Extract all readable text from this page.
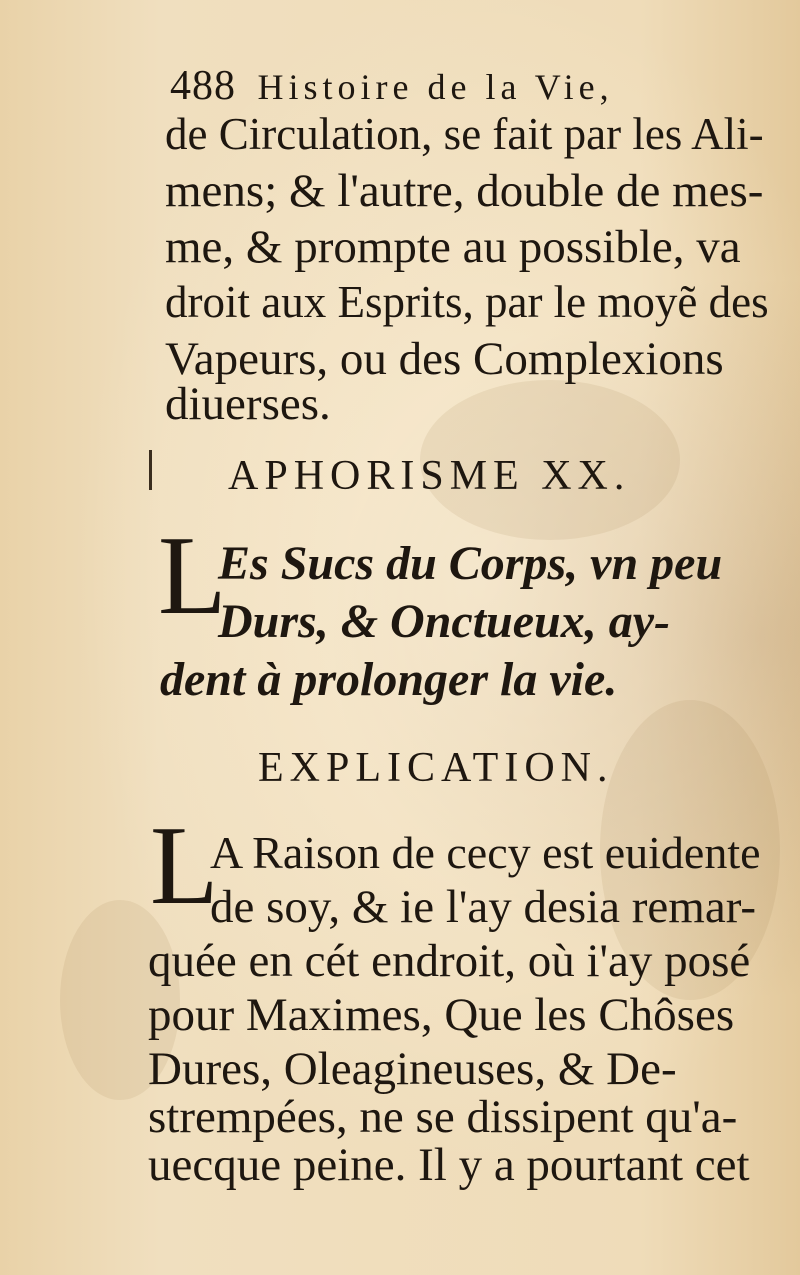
488 Histoire de la Vie,
de Circulation, se fait par les Ali-
mens; & l'autre, double de mes-
me, & prompte au possible, va
droit aux Esprits, par le moyẽ des
Vapeurs, ou des Complexions
diuerses.
APHORISME XX.
L
Es Sucs du Corps, vn peu
Durs, & Onctueux, ay-
dent à prolonger la vie.
EXPLICATION.
L
A Raison de cecy est euidente
de soy, & ie l'ay desia remar-
quée en cét endroit, où i'ay posé
pour Maximes, Que les Chôses
Dures, Oleagineuses, & De-
strempées, ne se dissipent qu'a-
uecque peine. Il y a pourtant cet
